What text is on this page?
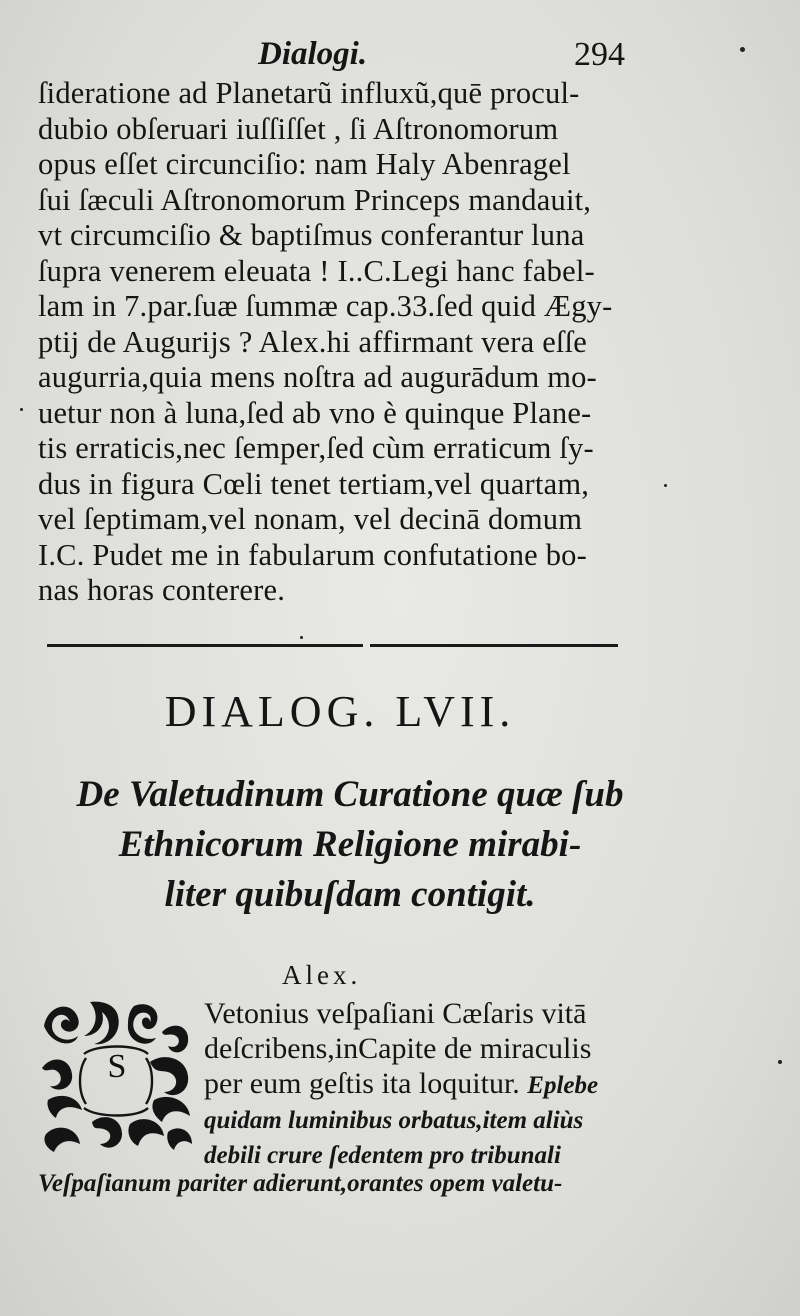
Dialogi.	294
ſideratione ad Planetarũ influxũ,quē procul-
dubio obſeruari iuſſiſſet , ſi Aſtronomorum
opus eſſet circunciſio: nam Haly Abenragel
ſui ſæculi Aſtronomorum Princeps mandauit,
vt circumciſio & baptiſmus conferantur luna
ſupra venerem eleuata ! I..C.Legi hanc fabel-
lam in 7.par.ſuæ ſummæ cap.33.ſed quid Ægy-
ptij de Augurijs ? Alex.hi affirmant vera eſſe
augurria,quia mens noſtra ad augurādum mo-
uetur non à luna,ſed ab vno è quinque Plane-
tis erraticis,nec ſemper,ſed cùm erraticum ſy-
dus in figura Cœli tenet tertiam,vel quartam,
vel ſeptimam,vel nonam, vel decinā domum
I.C. Pudet me in fabularum confutatione bo-
nas horas conterere.
DIALOG. LVII.
De Valetudinum Curatione quæ ſub
Ethnicorum Religione mirabi-
liter quibuſdam contigit.
Alex.
S
Vetonius veſpaſiani Cæſaris vitā
deſcribens,inCapite de miraculis
per eum geſtis ita loquitur. Eplebe
quidam luminibus orbatus,item aliùs
debili crure ſedentem pro tribunali
Veſpaſianum pariter adierunt,orantes opem valetu-
